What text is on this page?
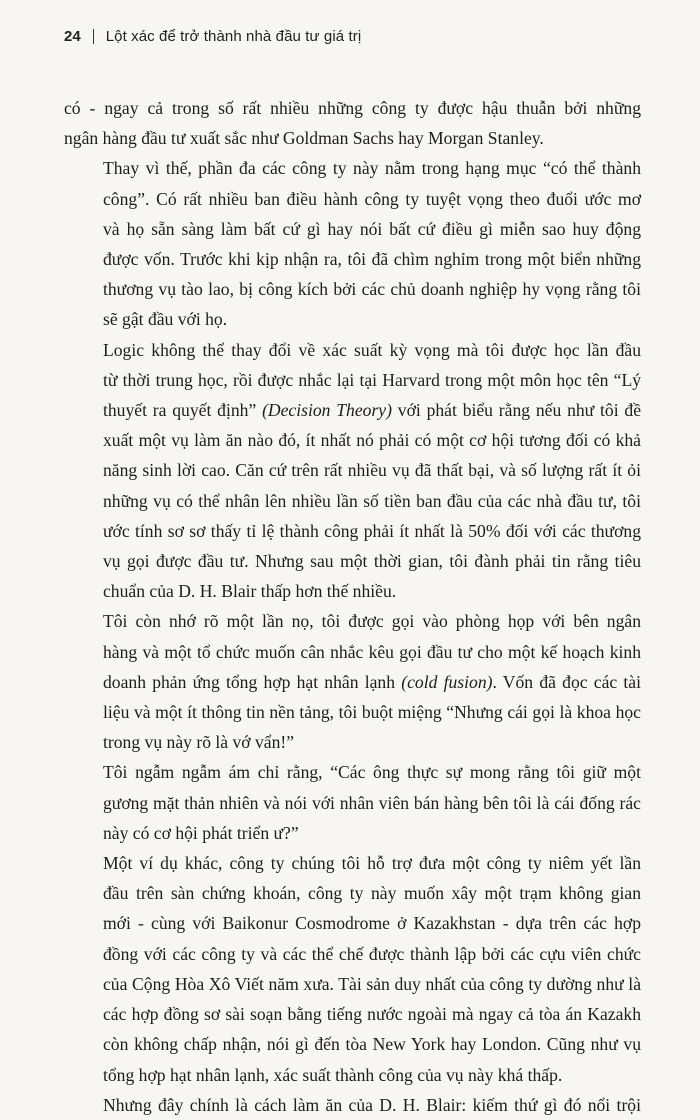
24 Lột xác để trở thành nhà đầu tư giá trị

có - ngay cả trong số rất nhiều những công ty được hậu thuẫn bởi những
ngân hàng đầu tư xuất sắc như Goldman Sachs hay Morgan Stanley.

Thay vì thế, phần đa các công ty này nằm trong hạng mục “có thể thành
công”. Có rất nhiều ban điều hành công ty tuyệt vọng theo đuổi ước mơ
và họ sẵn sàng làm bất cứ gì hay nói bất cứ điều gì miễn sao huy động
được vốn. Trước khi kịp nhận ra, tôi đã chìm nghỉm trong một biển những
thương vụ tào lao, bị công kích bởi các chủ doanh nghiệp hy vọng rằng tôi
sẽ gật đầu với họ.

Logic không thể thay đổi về xác suất kỳ vọng mà tôi được học lần đầu
từ thời trung học, rồi được nhắc lại tại Harvard trong một môn học tên “Lý
thuyết ra quyết định” (Decision Theory) với phát biểu rằng nếu như tôi đề
xuất một vụ làm ăn nào đó, ít nhất nó phải có một cơ hội tương đối có khả
năng sinh lời cao. Căn cứ trên rất nhiều vụ đã thất bại, và số lượng rất ít ỏi
những vụ có thể nhân lên nhiều lần số tiền ban đầu của các nhà đầu tư, tôi
ước tính sơ sơ thấy tỉ lệ thành công phải ít nhất là 50% đối với các thương
vụ gọi được đầu tư. Nhưng sau một thời gian, tôi đành phải tin rằng tiêu
chuẩn của D. H. Blair thấp hơn thế nhiều.

Tôi còn nhớ rõ một lần nọ, tôi được gọi vào phòng họp với bên ngân
hàng và một tổ chức muốn cân nhắc kêu gọi đầu tư cho một kế hoạch kinh
doanh phản ứng tổng hợp hạt nhân lạnh (cold fusion). Vốn đã đọc các tài
liệu và một ít thông tin nền tảng, tôi buột miệng “Nhưng cái gọi là khoa học
trong vụ này rõ là vớ vẩn!”

Tôi ngẫm ngẫm ám chỉ rằng, “Các ông thực sự mong rằng tôi giữ một
gương mặt thản nhiên và nói với nhân viên bán hàng bên tôi là cái đống rác
này có cơ hội phát triển ư?”

Một ví dụ khác, công ty chúng tôi hỗ trợ đưa một công ty niêm yết lần
đầu trên sàn chứng khoán, công ty này muốn xây một trạm không gian
mới - cùng với Baikonur Cosmodrome ở Kazakhstan - dựa trên các hợp
đồng với các công ty và các thể chế được thành lập bởi các cựu viên chức
của Cộng Hòa Xô Viết năm xưa. Tài sản duy nhất của công ty dường như là
các hợp đồng sơ sài soạn bằng tiếng nước ngoài mà ngay cả tòa án Kazakh
còn không chấp nhận, nói gì đến tòa New York hay London. Cũng như vụ
tổng hợp hạt nhân lạnh, xác suất thành công của vụ này khá thấp.

Nhưng đây chính là cách làm ăn của D. H. Blair: kiếm thứ gì đó nổi trội
